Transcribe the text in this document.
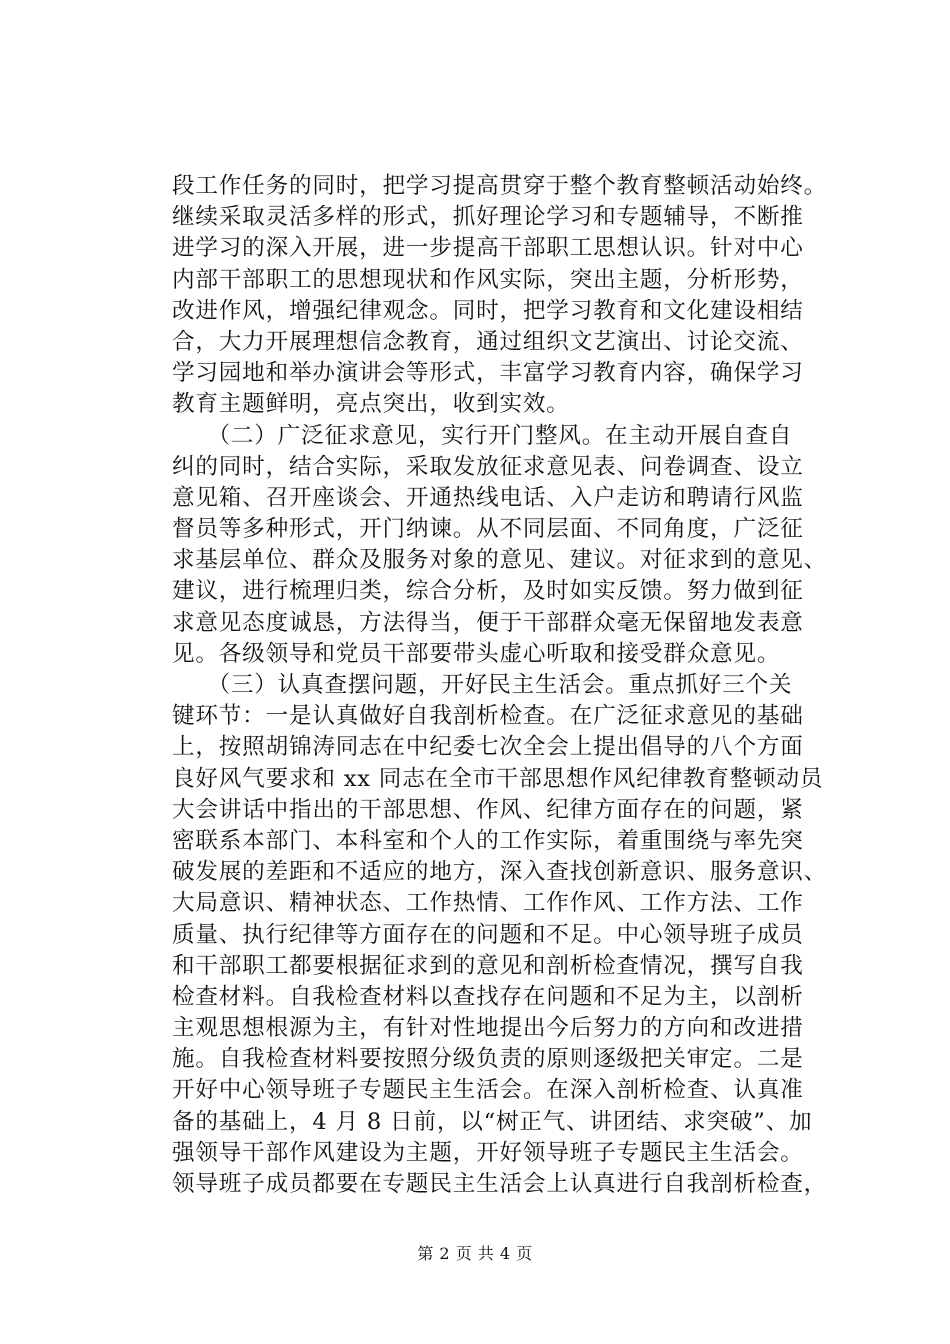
段工作任务的同时，把学习提高贯穿于整个教育整顿活动始终。
继续采取灵活多样的形式，抓好理论学习和专题辅导，不断推
进学习的深入开展，进一步提高干部职工思想认识。针对中心
内部干部职工的思想现状和作风实际，突出主题，分析形势，
改进作风，增强纪律观念。同时，把学习教育和文化建设相结
合，大力开展理想信念教育，通过组织文艺演出、讨论交流、
学习园地和举办演讲会等形式，丰富学习教育内容，确保学习
教育主题鲜明，亮点突出，收到实效。
　　（二）广泛征求意见，实行开门整风。在主动开展自查自
纠的同时，结合实际，采取发放征求意见表、问卷调查、设立
意见箱、召开座谈会、开通热线电话、入户走访和聘请行风监
督员等多种形式，开门纳谏。从不同层面、不同角度，广泛征
求基层单位、群众及服务对象的意见、建议。对征求到的意见、
建议，进行梳理归类，综合分析，及时如实反馈。努力做到征
求意见态度诚恳，方法得当，便于干部群众毫无保留地发表意
见。各级领导和党员干部要带头虚心听取和接受群众意见。
　　（三）认真查摆问题，开好民主生活会。重点抓好三个关
键环节：一是认真做好自我剖析检查。在广泛征求意见的基础
上，按照胡锦涛同志在中纪委七次全会上提出倡导的八个方面
良好风气要求和 xx 同志在全市干部思想作风纪律教育整顿动员
大会讲话中指出的干部思想、作风、纪律方面存在的问题，紧
密联系本部门、本科室和个人的工作实际，着重围绕与率先突
破发展的差距和不适应的地方，深入查找创新意识、服务意识、
大局意识、精神状态、工作热情、工作作风、工作方法、工作
质量、执行纪律等方面存在的问题和不足。中心领导班子成员
和干部职工都要根据征求到的意见和剖析检查情况，撰写自我
检查材料。自我检查材料以查找存在问题和不足为主，以剖析
主观思想根源为主，有针对性地提出今后努力的方向和改进措
施。自我检查材料要按照分级负责的原则逐级把关审定。二是
开好中心领导班子专题民主生活会。在深入剖析检查、认真准
备的基础上，4 月 8 日前，以“树正气、讲团结、求突破”、加
强领导干部作风建设为主题，开好领导班子专题民主生活会。
领导班子成员都要在专题民主生活会上认真进行自我剖析检查，
第 2 页 共 4 页
